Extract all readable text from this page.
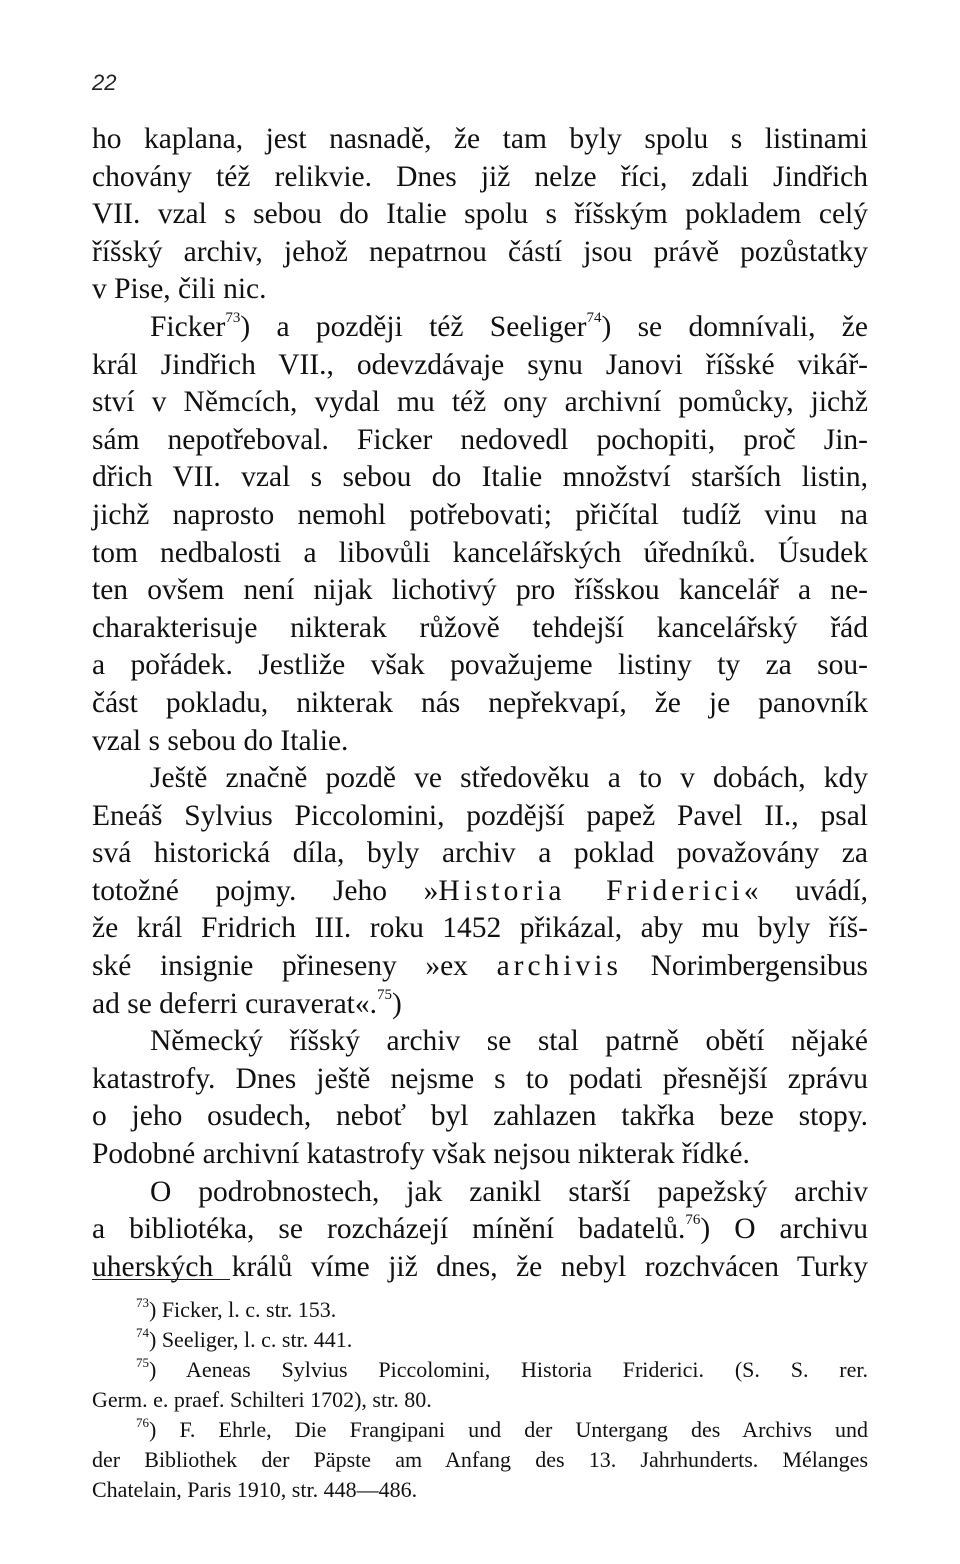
22
ho kaplana, jest nasnadě, že tam byly spolu s listinami
chovány též relikvie. Dnes již nelze říci, zdali Jindřich
VII. vzal s sebou do Italie spolu s říšským pokladem celý
říšský archiv, jehož nepatrnou částí jsou právě pozůstatky
v Pise, čili nic.
Ficker$^{73}$) a později též Seeliger$^{74}$) se domnívali, že
král Jindřich VII., odevzdávaje synu Janovi říšské vikář-
ství v Němcích, vydal mu též ony archivní pomůcky, jichž
sám nepotřeboval. Ficker nedovedl pochopiti, proč Jin-
dřich VII. vzal s sebou do Italie množství starších listin,
jichž naprosto nemohl potřebovati; přičítal tudíž vinu na
tom nedbalosti a libovůli kancelářských úředníků. Úsudek
ten ovšem není nijak lichotivý pro říšskou kancelář a ne-
charakterisuje nikterak růžově tehdejší kancelářský řád
a pořádek. Jestliže však považujeme listiny ty za sou-
část pokladu, nikterak nás nepřekvapí, že je panovník
vzal s sebou do Italie.
Ještě značně pozdě ve středověku a to v dobách, kdy
Eneáš Sylvius Piccolomini, pozdější papež Pavel II., psal
svá historická díla, byly archiv a poklad považovány za
totožné pojmy. Jeho »Historia Friderici« uvádí,
že král Fridrich III. roku 1452 přikázal, aby mu byly říš-
ské insignie přineseny »ex archivis Norimbergensibus
ad se deferri curaverat«.$^{75}$)
Německý říšský archiv se stal patrně obětí nějaké
katastrofy. Dnes ještě nejsme s to podati přesnější zprávu
o jeho osudech, neboť byl zahlazen takřka beze stopy.
Podobné archivní katastrofy však nejsou nikterak řídké.
O podrobnostech, jak zanikl starší papežský archiv
a bibliotéka, se rozcházejí mínění badatelů.$^{76}$) O archivu
uherských králů víme již dnes, že nebyl rozchvácen Turky
$^{73}$) Ficker, l. c. str. 153.
$^{74}$) Seeliger, l. c. str. 441.
$^{75}$) Aeneas Sylvius Piccolomini, Historia Friderici. (S. S. rer.
Germ. e. praef. Schilteri 1702), str. 80.
$^{76}$) F. Ehrle, Die Frangipani und der Untergang des Archivs und
der Bibliothek der Päpste am Anfang des 13. Jahrhunderts. Mélanges
Chatelain, Paris 1910, str. 448—486.
